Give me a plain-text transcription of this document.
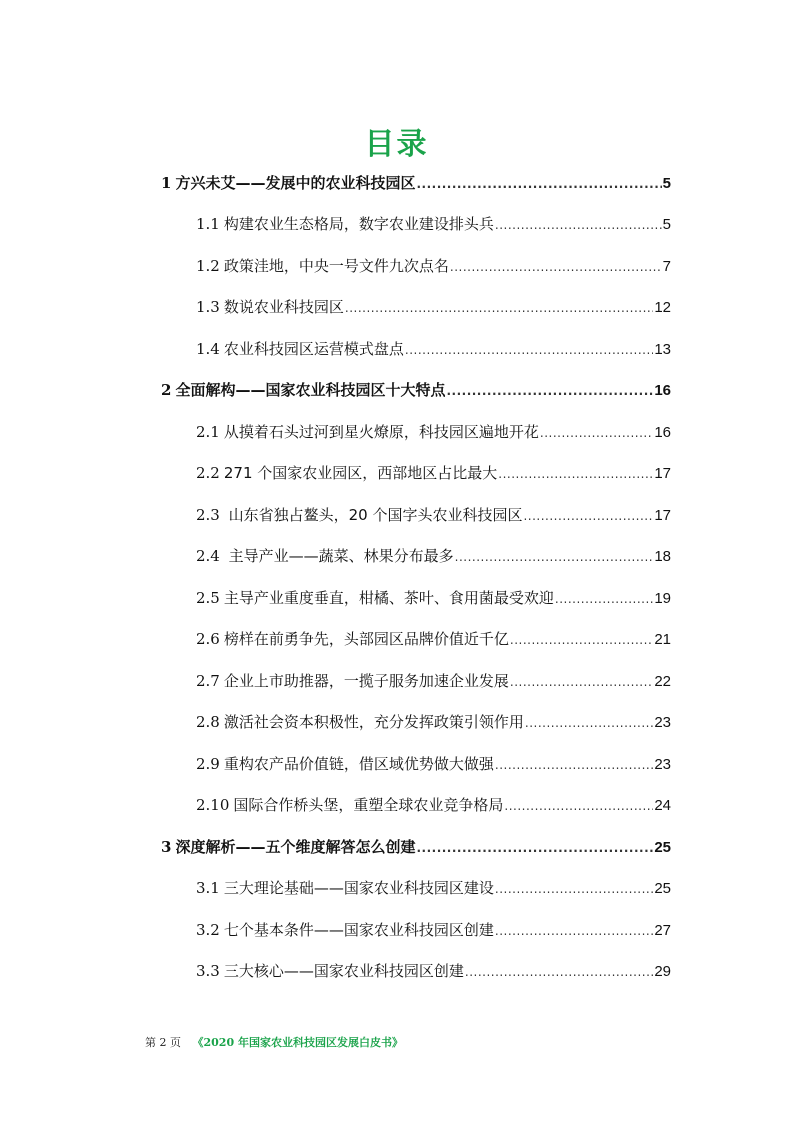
目录
1 方兴未艾——发展中的农业科技园区 .....	5
1.1 构建农业生态格局，数字农业建设排头兵 .....	5
1.2 政策洼地，中央一号文件九次点名 .....	7
1.3 数说农业科技园区 .....	12
1.4 农业科技园区运营模式盘点 .....	13
2 全面解构——国家农业科技园区十大特点 .....	16
2.1 从摸着石头过河到星火燎原，科技园区遍地开花 .....	16
2.2 271 个国家农业园区，西部地区占比最大 .....	17
2.3 山东省独占鳌头，20 个国字头农业科技园区 .....	17
2.4 主导产业——蔬菜、林果分布最多 .....	18
2.5 主导产业重度垂直，柑橘、茶叶、食用菌最受欢迎 .....	19
2.6 榜样在前勇争先，头部园区品牌价值近千亿 .....	21
2.7 企业上市助推器，一揽子服务加速企业发展 .....	22
2.8 激活社会资本积极性，充分发挥政策引领作用 .....	23
2.9 重构农产品价值链，借区域优势做大做强 .....	23
2.10 国际合作桥头堡，重塑全球农业竞争格局 .....	24
3 深度解析——五个维度解答怎么创建 .....	25
3.1 三大理论基础——国家农业科技园区建设 .....	25
3.2 七个基本条件——国家农业科技园区创建 .....	27
3.3 三大核心——国家农业科技园区创建 .....	29
第 2 页 《2020 年国家农业科技园区发展白皮书》
